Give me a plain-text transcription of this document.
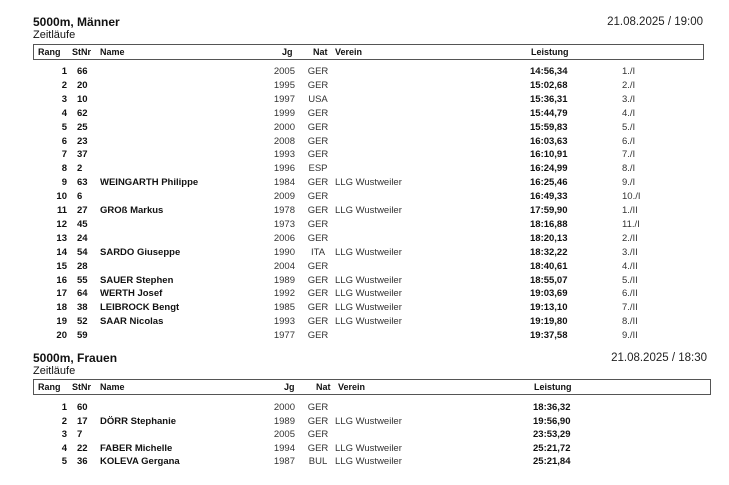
5000m, Männer
Zeitläufe
21.08.2025 / 19:00
Rang StNr Name	Jg Nat Verein	Leistung
1 66	2005 GER	14:56,34	1./I
2 20	1995 GER	15:02,68	2./I
3 10	1997 USA	15:36,31	3./I
4 62	1999 GER	15:44,79	4./I
5 25	2000 GER	15:59,83	5./I
6 23	2008 GER	16:03,63	6./I
7 37	1993 GER	16:10,91	7./I
8 2	1996 ESP	16:24,99	8./I
9 63 WEINGARTH Philippe	1984 GER LLG Wustweiler	16:25,46	9./I
10 6	2009 GER	16:49,33	10./I
11 27 GROß Markus	1978 GER LLG Wustweiler	17:59,90	1./II
12 45	1973 GER	18:16,88	11./I
13 24	2006 GER	18:20,13	2./II
14 54 SARDO Giuseppe	1990	ITA	LLG Wustweiler	18:32,22	3./II
15 28	2004 GER	18:40,61	4./II
16 55 SAUER Stephen	1989 GER LLG Wustweiler	18:55,07	5./II
17 64 WERTH Josef	1992 GER LLG Wustweiler	19:03,69	6./II
18 38 LEIBROCK Bengt	1985 GER LLG Wustweiler	19:13,10	7./II
19 52 SAAR Nicolas	1993 GER LLG Wustweiler	19:19,80	8./II
20 59	1977 GER	19:37,58	9./II
5000m, Frauen
Zeitläufe
21.08.2025 / 18:30
Rang StNr Name	Jg Nat Verein	Leistung
1 60	2000 GER	18:36,32
2 17 DÖRR Stephanie	1989 GER LLG Wustweiler	19:56,90
3 7	2005 GER	23:53,29
4 22 FABER Michelle	1994 GER LLG Wustweiler	25:21,72
5 36 KOLEVA Gergana	1987 BUL LLG Wustweiler	25:21,84
